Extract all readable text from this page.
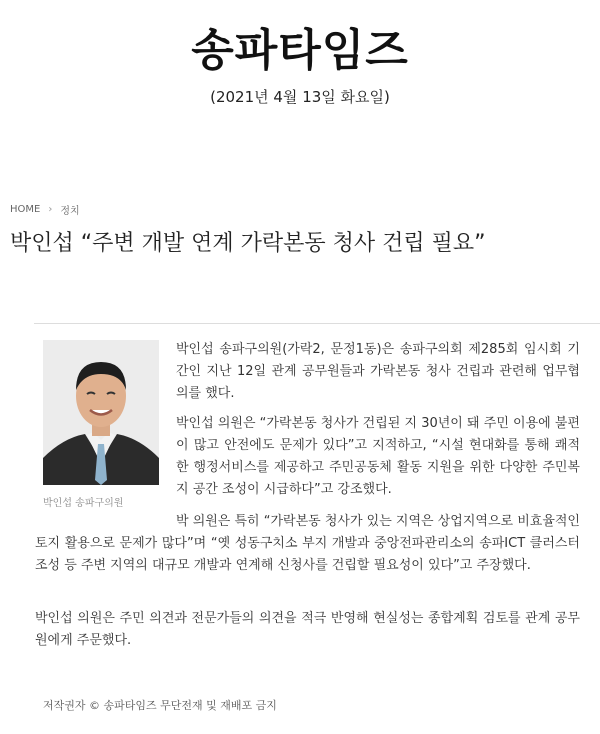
송파타임즈
(2021년 4월 13일 화요일)
HOME › 정치
박인섭 “주변 개발 연계 가락본동 청사 건립 필요”
박인섭 송파구의원
박인섭 송파구의원(가락2, 문정1동)은 송파구의회 제285회 임시회 기간인 지난 12일 관계 공무원들과 가락본동 청사 건립과 관련해 업무협의를 했다.
박인섭 의원은 “가락본동 청사가 건립된 지 30년이 돼 주민 이용에 불편이 많고 안전에도 문제가 있다”고 지적하고, “시설 현대화를 통해 쾌적한 행정서비스를 제공하고 주민공동체 활동 지원을 위한 다양한 주민복지 공간 조성이 시급하다”고 강조했다.
박 의원은 특히 “가락본동 청사가 있는 지역은 상업지역으로 비효율적인 토지 활용으로 문제가 많다”며 “옛 성동구치소 부지 개발과 중앙전파관리소의 송파ICT 클러스터 조성 등 주변 지역의 대규모 개발과 연계해 신청사를 건립할 필요성이 있다”고 주장했다.
박인섭 의원은 주민 의견과 전문가들의 의견을 적극 반영해 현실성는 종합계획 검토를 관계 공무원에게 주문했다.
저작권자 © 송파타임즈 무단전재 및 재배포 금지
